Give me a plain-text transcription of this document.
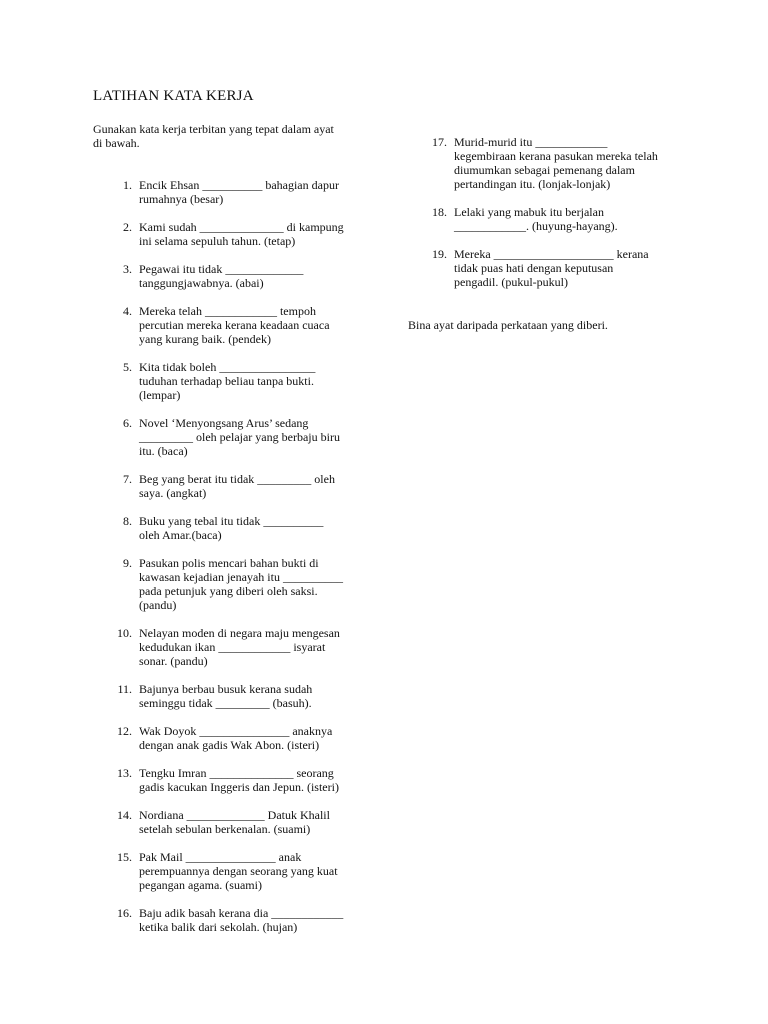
LATIHAN KATA KERJA
Gunakan kata kerja terbitan yang tepat dalam ayat
di bawah.
1. Encik Ehsan __________ bahagian dapur
rumahnya (besar)
2. Kami sudah ______________ di kampung
ini selama sepuluh tahun. (tetap)
3. Pegawai itu tidak _____________
tanggungjawabnya. (abai)
4. Mereka telah ____________ tempoh
percutian mereka kerana keadaan cuaca
yang kurang baik. (pendek)
5. Kita tidak boleh ________________
tuduhan terhadap beliau tanpa bukti.
(lempar)
6. Novel ‘Menyongsang Arus’ sedang
_________ oleh pelajar yang berbaju biru
itu. (baca)
7. Beg yang berat itu tidak _________ oleh
saya. (angkat)
8. Buku yang tebal itu tidak __________
oleh Amar.(baca)
9. Pasukan polis mencari bahan bukti di
kawasan kejadian jenayah itu __________
pada petunjuk yang diberi oleh saksi.
(pandu)
10. Nelayan moden di negara maju mengesan
kedudukan ikan ____________ isyarat
sonar. (pandu)
11. Bajunya berbau busuk kerana sudah
seminggu tidak _________ (basuh).
12. Wak Doyok _______________ anaknya
dengan anak gadis Wak Abon. (isteri)
13. Tengku Imran ______________ seorang
gadis kacukan Inggeris dan Jepun. (isteri)
14. Nordiana _____________ Datuk Khalil
setelah sebulan berkenalan. (suami)
15. Pak Mail _______________ anak
perempuannya dengan seorang yang kuat
pegangan agama. (suami)
16. Baju adik basah kerana dia ____________
ketika balik dari sekolah. (hujan)
17. Murid-murid itu ____________
kegembiraan kerana pasukan mereka telah
diumumkan sebagai pemenang dalam
pertandingan itu. (lonjak-lonjak)
18. Lelaki yang mabuk itu berjalan
____________. (huyung-hayang).
19. Mereka ____________________ kerana
tidak puas hati dengan keputusan
pengadil. (pukul-pukul)
Bina ayat daripada perkataan yang diberi.
